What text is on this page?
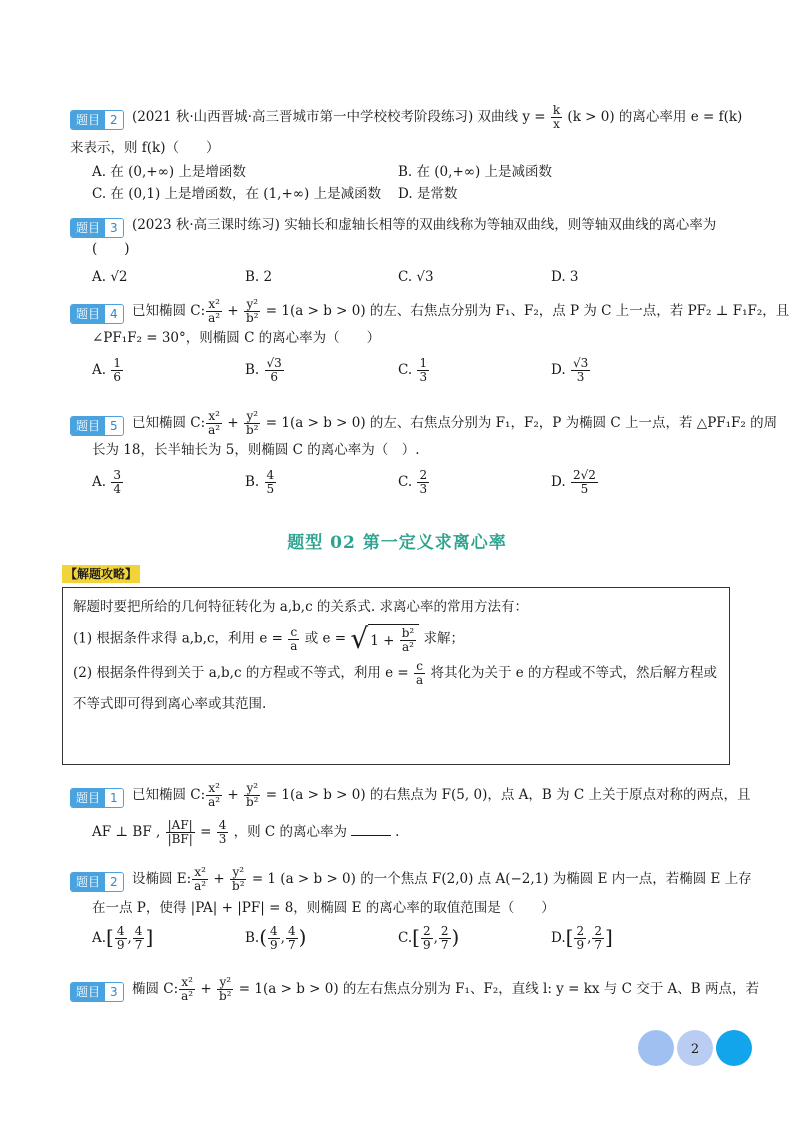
题目 2	(2021 秋·山西晋城·高三晋城市第一中学校校考阶段练习) 双曲线 $y = \frac{k}{x} (k > 0)$ 的离心率用 e = f(k)
来表示，则 f(k)（　　）
A. 在 (0,+∞) 上是增函数	B. 在 (0,+∞) 上是减函数
C. 在 (0,1) 上是增函数，在 (1,+∞) 上是减函数	D. 是常数
题目 3	(2023 秋·高三课时练习) 实轴长和虚轴长相等的双曲线称为等轴双曲线，则等轴双曲线的离心率为
(　　)
A. √2	B. 2	C. √3	D. 3
题目 4	已知椭圆 C: $\frac{\text{x²}}{\text{a²}} + \frac{\text{y²}}{\text{b²}} = 1(a > b > 0)$ 的左、右焦点分别为 F₁、F₂，点 P 为 C 上一点，若 PF₂ ⊥ F₁F₂，且
∠PF₁F₂ = 30°，则椭圆 C 的离心率为（　　）
A. $\frac{1}{6}$	B. $\frac{√3}{6}$	C. $\frac{1}{3}$	D. $\frac{√3}{3}$
题目 5	已知椭圆 C: $\frac{\text{x²}}{\text{a²}} + \frac{\text{y²}}{\text{b²}} = 1(a > b > 0)$ 的左、右焦点分别为 F₁，F₂，P 为椭圆 C 上一点，若 △PF₁F₂ 的周
长为 18，长半轴长为 5，则椭圆 C 的离心率为（　）.
A. $\frac{3}{4}$	B. $\frac{4}{5}$	C. $\frac{2}{3}$	D. $\frac{2√2}{5}$
题型 02 第一定义求离心率
【解题攻略】

解题时要把所给的几何特征转化为 a,b,c 的关系式. 求离心率的常用方法有：

(1) 根据条件求得 a,b,c，利用 $e = \frac{c}{a}$ 或 e = √ 1 +
$\frac{\text{b²}}{\text{a²}}$ 求解；

(2) 根据条件得到关于 a,b,c 的方程或不等式，利用 $e = \frac{c}{a}$ 将其化为关于 e 的方程或不等式，然后解方程或

不等式即可得到离心率或其范围.

题目 1	已知椭圆 C: $\frac{\text{x²}}{\text{a²}} + \frac{\text{y²}}{\text{b²}} = 1(a > b > 0)$ 的右焦点为 F(5, 0)，点 A，B 为 C 上关于原点对称的两点，且
AF ⊥ BF , $\frac{|AF|}{|BF|} = \frac{4}{3}$ ，则 C 的离心率为	.
题目 2	设椭圆 E: $\frac{\text{x²}}{\text{a²}} + \frac{\text{y²}}{\text{b²}} = 1$ (a > b > 0) 的一个焦点 F(2,0) 点 A(−2,1) 为椭圆 E 内一点，若椭圆 E 上存
在一点 P，使得 |PA| + |PF| = 8，则椭圆 E 的离心率的取值范围是（　　）
$A.[ \frac{4}{9}$ , $\frac{4}{7}$ ]	$B.( \frac{4}{9}$ , $\frac{4}{7}$ )	$C.[ \frac{2}{9}$ , $\frac{2}{7}$ )	$D.[ \frac{2}{9}$ , $\frac{2}{7}$ ]
题目 3	椭圆 C: $\frac{\text{x²}}{\text{a²}} + \frac{\text{y²}}{\text{b²}} = 1(a > b > 0)$ 的左右焦点分别为 F₁、F₂，直线 l: y = kx 与 C 交于 A、B 两点，若
2
